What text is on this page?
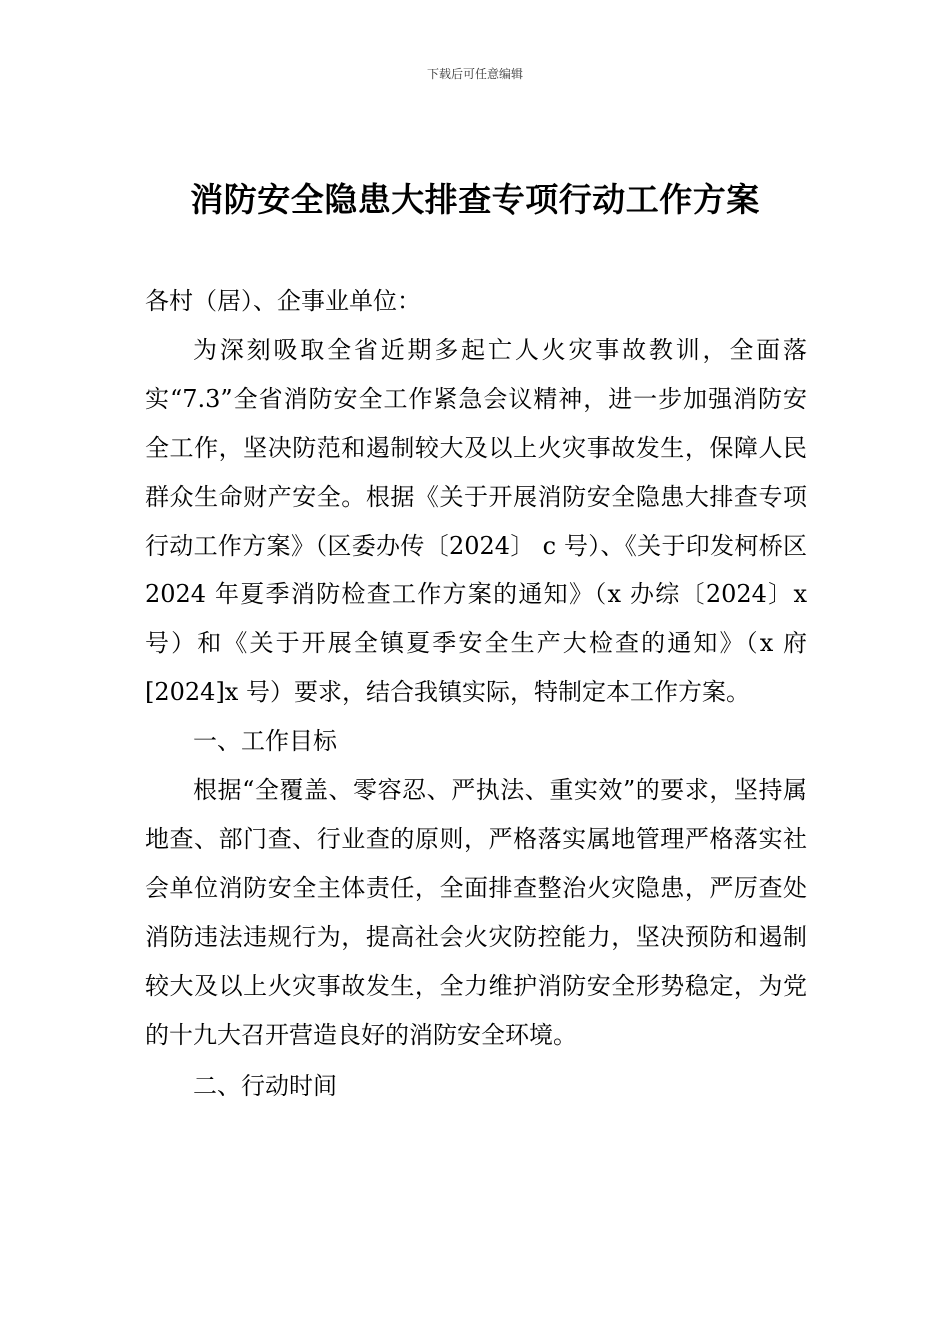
下载后可任意编辑
消防安全隐患大排查专项行动工作方案

各村（居）、企事业单位：

为深刻吸取全省近期多起亡人火灾事故教训，全面落实“7.3”全省消防安全工作紧急会议精神，进一步加强消防安全工作，坚决防范和遏制较大及以上火灾事故发生，保障人民群众生命财产安全。根据《关于开展消防安全隐患大排查专项行动工作方案》（区委办传〔2024〕 c 号）、《关于印发柯桥区 2024 年夏季消防检查工作方案的通知》（x 办综〔2024〕x 号）和《关于开展全镇夏季安全生产大检查的通知》（x 府[2024]x 号）要求，结合我镇实际，特制定本工作方案。

一、工作目标

根据“全覆盖、零容忍、严执法、重实效”的要求，坚持属地查、部门查、行业查的原则，严格落实属地管理严格落实社会单位消防安全主体责任，全面排查整治火灾隐患，严厉查处消防违法违规行为，提高社会火灾防控能力，坚决预防和遏制较大及以上火灾事故发生，全力维护消防安全形势稳定，为党的十九大召开营造良好的消防安全环境。

二、行动时间
